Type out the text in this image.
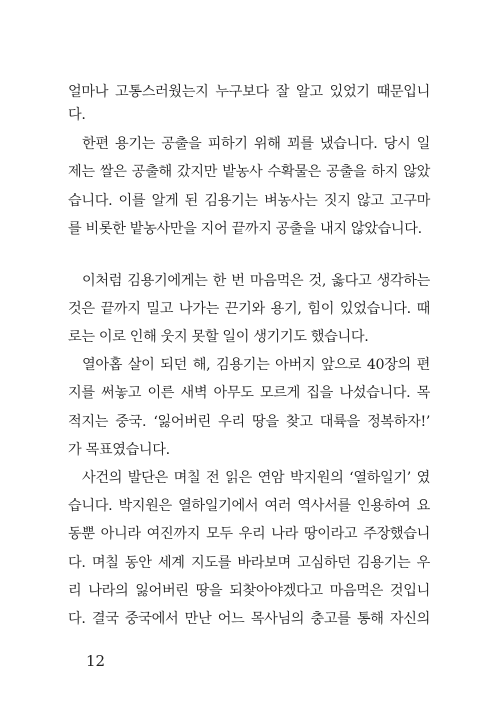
얼마나 고통스러웠는지 누구보다 잘 알고 있었기 때문입니
다.
한편 용기는 공출을 피하기 위해 꾀를 냈습니다. 당시 일
제는 쌀은 공출해 갔지만 밭농사 수확물은 공출을 하지 않았
습니다. 이를 알게 된 김용기는 벼농사는 짓지 않고 고구마
를 비롯한 밭농사만을 지어 끝까지 공출을 내지 않았습니다.
이처럼 김용기에게는 한 번 마음먹은 것, 옳다고 생각하는
것은 끝까지 밀고 나가는 끈기와 용기, 힘이 있었습니다. 때
로는 이로 인해 웃지 못할 일이 생기기도 했습니다.
열아홉 살이 되던 해, 김용기는 아버지 앞으로 40장의 편
지를 써놓고 이른 새벽 아무도 모르게 집을 나섰습니다. 목
적지는 중국. ‘잃어버린 우리 땅을 찾고 대륙을 정복하자!’
가 목표였습니다.
사건의 발단은 며칠 전 읽은 연암 박지원의 ‘열하일기’ 였
습니다. 박지원은 열하일기에서 여러 역사서를 인용하여 요
동뿐 아니라 여진까지 모두 우리 나라 땅이라고 주장했습니
다. 며칠 동안 세계 지도를 바라보며 고심하던 김용기는 우
리 나라의 잃어버린 땅을 되찾아야겠다고 마음먹은 것입니
다. 결국 중국에서 만난 어느 목사님의 충고를 통해 자신의
12
